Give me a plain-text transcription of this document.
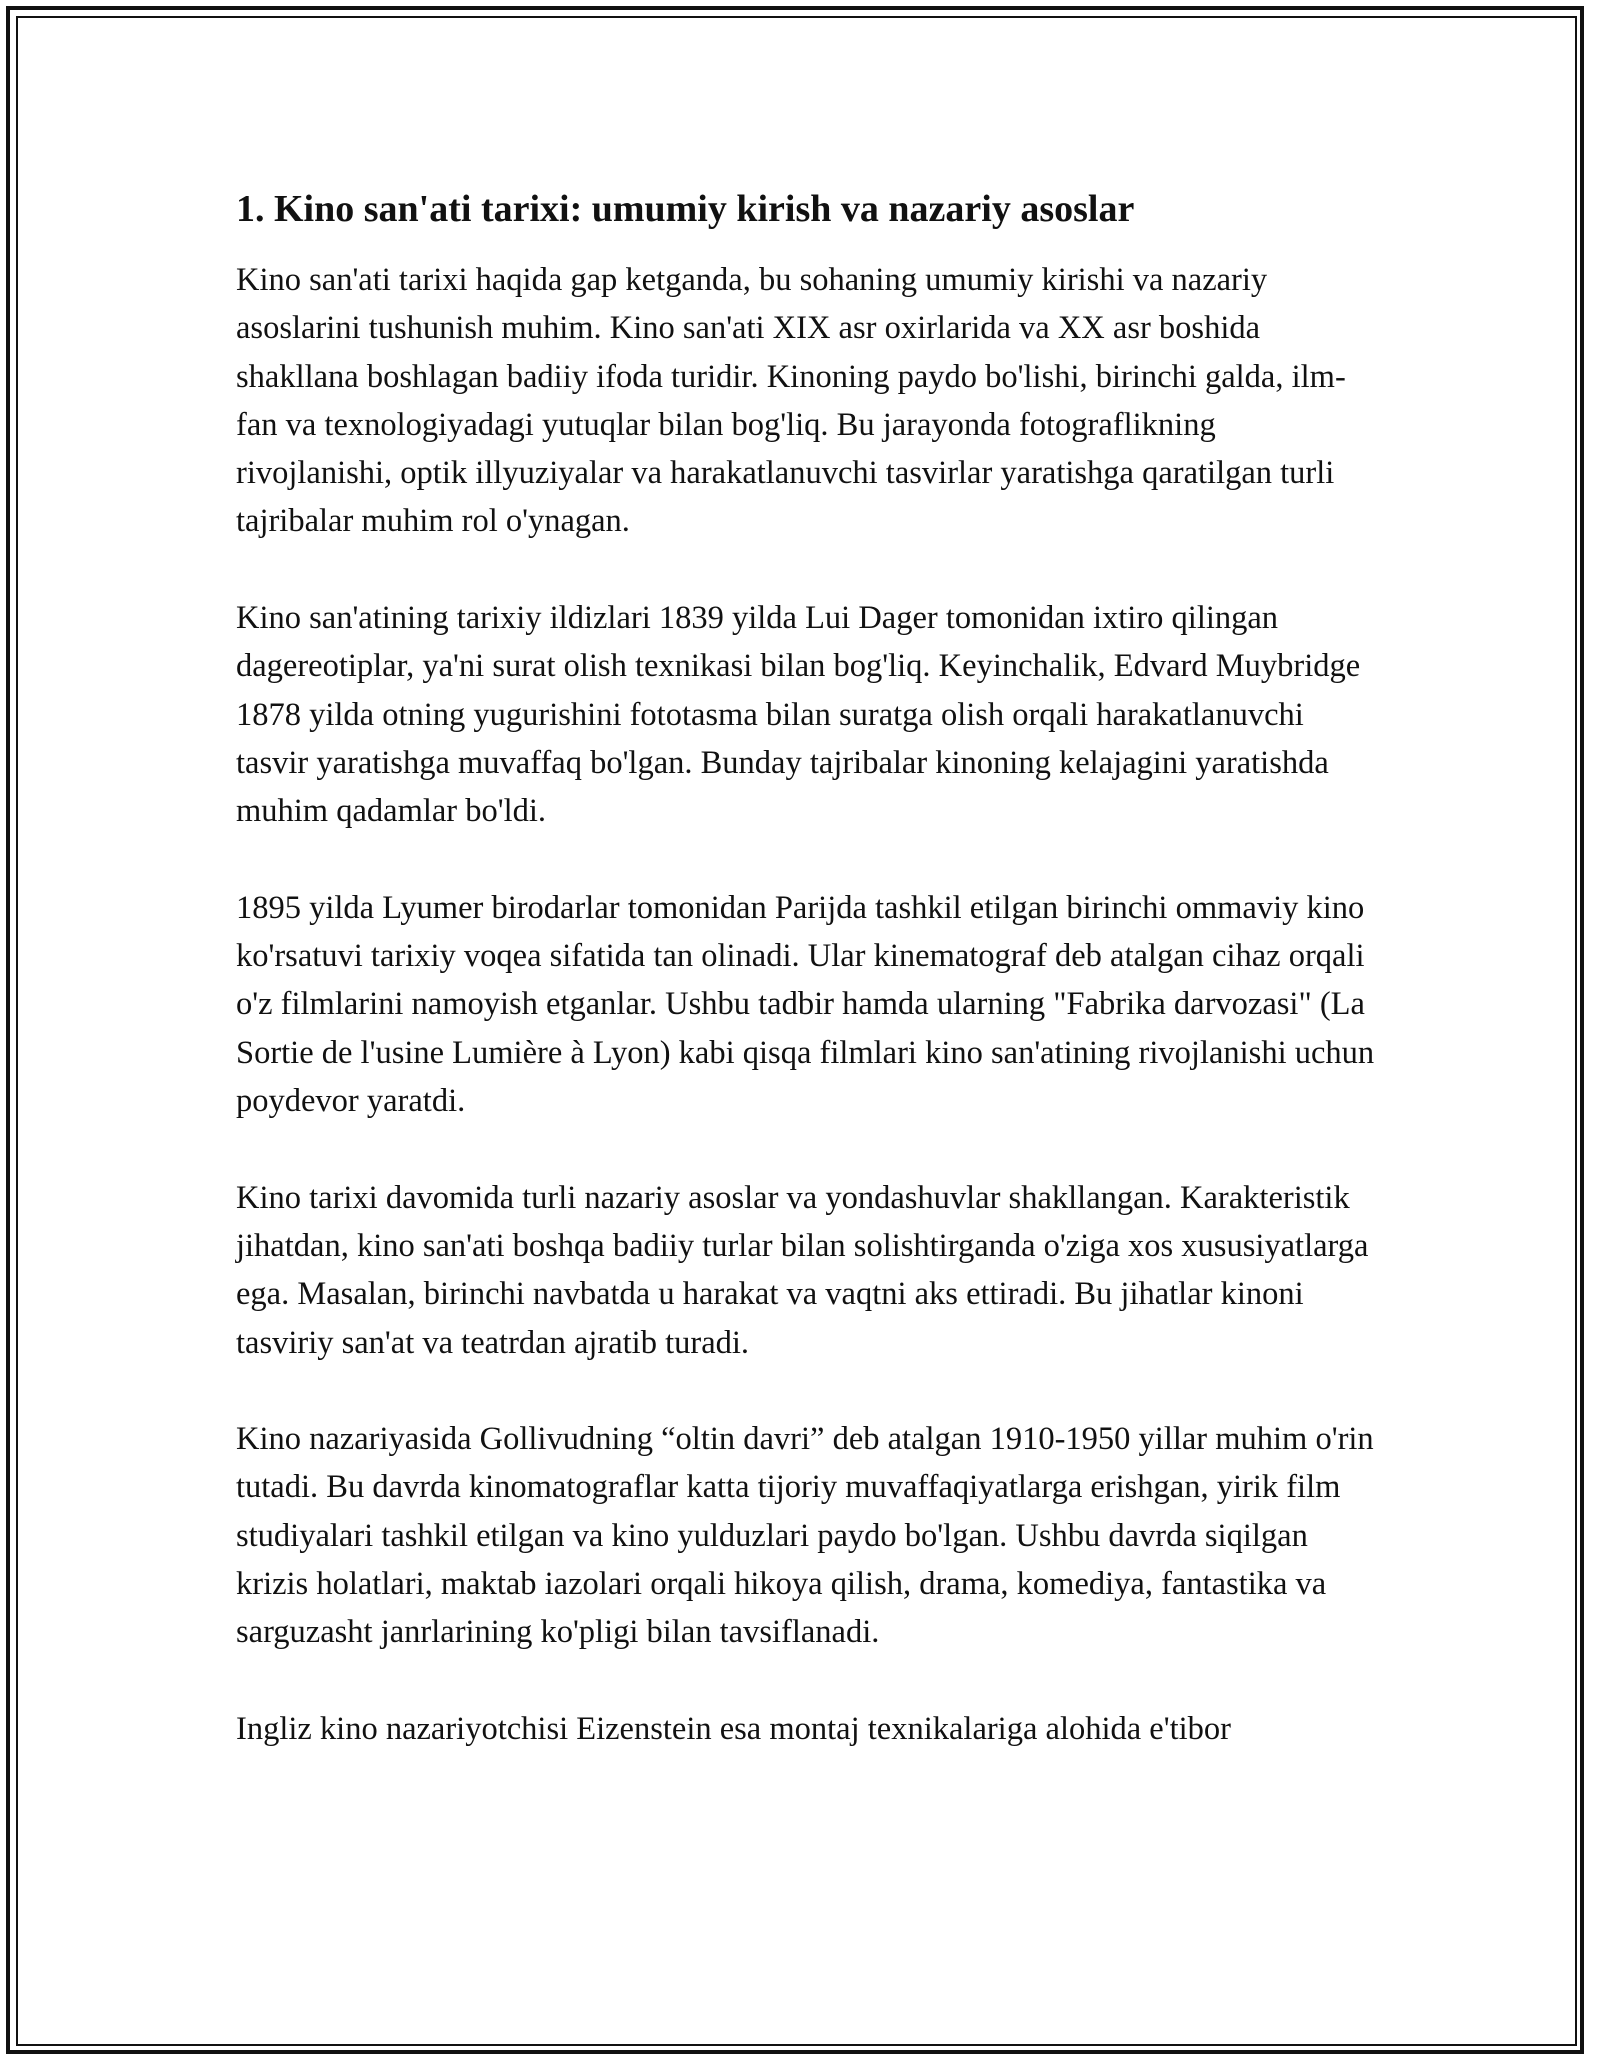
1. Kino san'ati tarixi: umumiy kirish va nazariy asoslar

Kino san'ati tarixi haqida gap ketganda, bu sohaning umumiy kirishi va nazariy asoslarini tushunish muhim. Kino san'ati XIX asr oxirlarida va XX asr boshida shakllana boshlagan badiiy ifoda turidir. Kinoning paydo bo'lishi, birinchi galda, ilm-fan va texnologiyadagi yutuqlar bilan bog'liq. Bu jarayonda fotograflikning rivojlanishi, optik illyuziyalar va harakatlanuvchi tasvirlar yaratishga qaratilgan turli tajribalar muhim rol o'ynagan.

Kino san'atining tarixiy ildizlari 1839 yilda Lui Dager tomonidan ixtiro qilingan dagereotiplar, ya'ni surat olish texnikasi bilan bog'liq. Keyinchalik, Edvard Muybridge 1878 yilda otning yugurishini fototasma bilan suratga olish orqali harakatlanuvchi tasvir yaratishga muvaffaq bo'lgan. Bunday tajribalar kinoning kelajagini yaratishda muhim qadamlar bo'ldi.

1895 yilda Lyumer birodarlar tomonidan Parijda tashkil etilgan birinchi ommaviy kino ko'rsatuvi tarixiy voqea sifatida tan olinadi. Ular kinematograf deb atalgan cihaz orqali o'z filmlarini namoyish etganlar. Ushbu tadbir hamda ularning "Fabrika darvozasi" (La Sortie de l'usine Lumière à Lyon) kabi qisqa filmlari kino san'atining rivojlanishi uchun poydevor yaratdi.

Kino tarixi davomida turli nazariy asoslar va yondashuvlar shakllangan. Karakteristik jihatdan, kino san'ati boshqa badiiy turlar bilan solishtirganda o'ziga xos xususiyatlarga ega. Masalan, birinchi navbatda u harakat va vaqtni aks ettiradi. Bu jihatlar kinoni tasviriy san'at va teatrdan ajratib turadi.

Kino nazariyasida Gollivudning “oltin davri” deb atalgan 1910-1950 yillar muhim o'rin tutadi. Bu davrda kinomatograflar katta tijoriy muvaffaqiyatlarga erishgan, yirik film studiyalari tashkil etilgan va kino yulduzlari paydo bo'lgan. Ushbu davrda siqilgan krizis holatlari, maktab iazolari orqali hikoya qilish, drama, komediya, fantastika va sarguzasht janrlarining ko'pligi bilan tavsiflanadi.

Ingliz kino nazariyotchisi Eizenstein esa montaj texnikalariga alohida e'tibor
